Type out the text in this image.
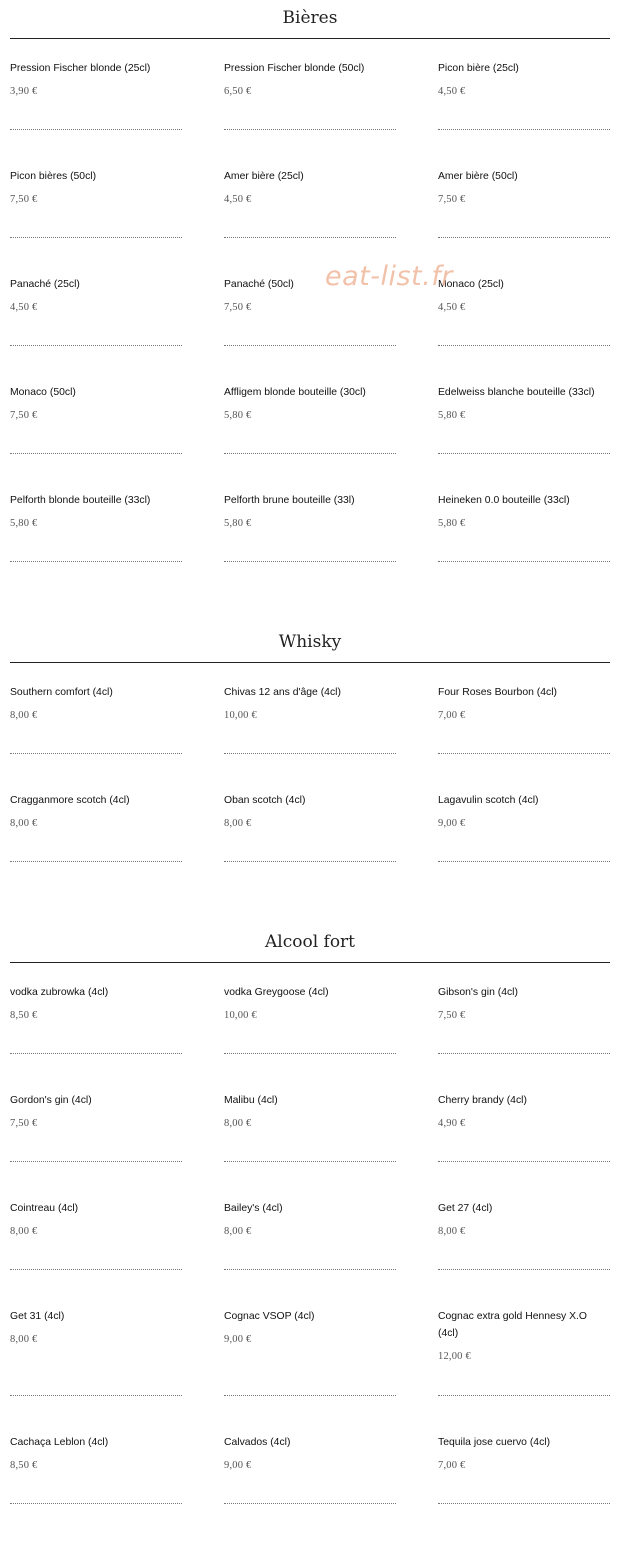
Bières
Pression Fischer blonde (25cl)
3,90 €
Pression Fischer blonde (50cl)
6,50 €
Picon bière (25cl)
4,50 €
Picon bières (50cl)
7,50 €
Amer bière (25cl)
4,50 €
Amer bière (50cl)
7,50 €
Panaché (25cl)
4,50 €
Panaché (50cl)
7,50 €
Monaco (25cl)
4,50 €
Monaco (50cl)
7,50 €
Affligem blonde bouteille (30cl)
5,80 €
Edelweiss blanche bouteille (33cl)
5,80 €
Pelforth blonde bouteille (33cl)
5,80 €
Pelforth brune bouteille (33l)
5,80 €
Heineken 0.0 bouteille (33cl)
5,80 €
Whisky
Southern comfort (4cl)
8,00 €
Chivas 12 ans d'âge (4cl)
10,00 €
Four Roses Bourbon (4cl)
7,00 €
Cragganmore scotch (4cl)
8,00 €
Oban scotch (4cl)
8,00 €
Lagavulin scotch (4cl)
9,00 €
Alcool fort
vodka zubrowka (4cl)
8,50 €
vodka Greygoose (4cl)
10,00 €
Gibson's gin (4cl)
7,50 €
Gordon's gin (4cl)
7,50 €
Malibu (4cl)
8,00 €
Cherry brandy (4cl)
4,90 €
Cointreau (4cl)
8,00 €
Bailey's (4cl)
8,00 €
Get 27 (4cl)
8,00 €
Get 31 (4cl)
8,00 €
Cognac VSOP (4cl)
9,00 €
Cognac extra gold Hennesy X.O (4cl)
12,00 €
Cachaça Leblon (4cl)
8,50 €
Calvados (4cl)
9,00 €
Tequila jose cuervo (4cl)
7,00 €
eat-list.fr
